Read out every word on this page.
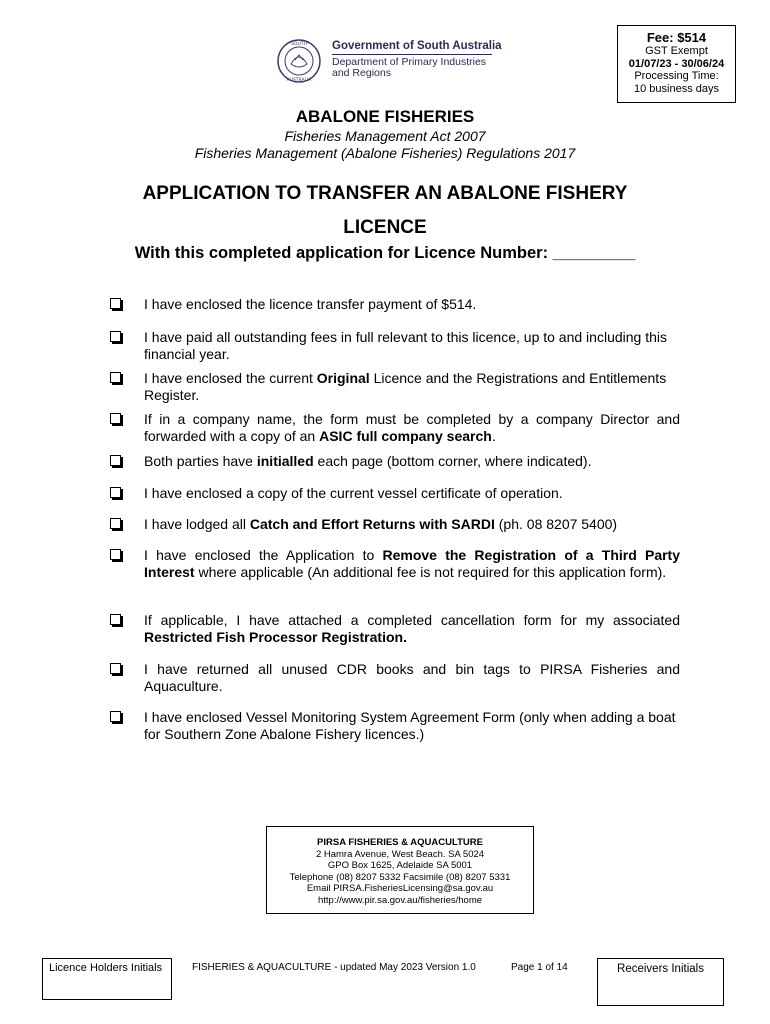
SOUTH
AUSTRALIA
Government of South Australia
Department of Primary Industries
and Regions
Fee: $514
GST Exempt
01/07/23 - 30/06/24
Processing Time:
10 business days
ABALONE FISHERIES
Fisheries Management Act 2007
Fisheries Management (Abalone Fisheries) Regulations 2017
APPLICATION TO TRANSFER AN ABALONE FISHERY LICENCE
With this completed application for Licence Number: _________
I have enclosed the licence transfer payment of $514.
I have paid all outstanding fees in full relevant to this licence, up to and including this financial year.
I have enclosed the current Original Licence and the Registrations and Entitlements Register.
If in a company name, the form must be completed by a company Director and forwarded with a copy of an ASIC full company search.
Both parties have initialled each page (bottom corner, where indicated).
I have enclosed a copy of the current vessel certificate of operation.
I have lodged all Catch and Effort Returns with SARDI (ph. 08 8207 5400)
I have enclosed the Application to Remove the Registration of a Third Party Interest where applicable (An additional fee is not required for this application form).
If applicable, I have attached a completed cancellation form for my associated Restricted Fish Processor Registration.
I have returned all unused CDR books and bin tags to PIRSA Fisheries and Aquaculture.
I have enclosed Vessel Monitoring System Agreement Form (only when adding a boat for Southern Zone Abalone Fishery licences.)
PIRSA FISHERIES & AQUACULTURE
2 Hamra Avenue, West Beach. SA 5024
GPO Box 1625, Adelaide SA 5001
Telephone (08) 8207 5332 Facsimile (08) 8207 5331
Email PIRSA.FisheriesLicensing@sa.gov.au
http://www.pir.sa.gov.au/fisheries/home
Licence Holders Initials	FISHERIES & AQUACULTURE - updated May 2023 Version 1.0	Page 1 of 14	Receivers Initials
